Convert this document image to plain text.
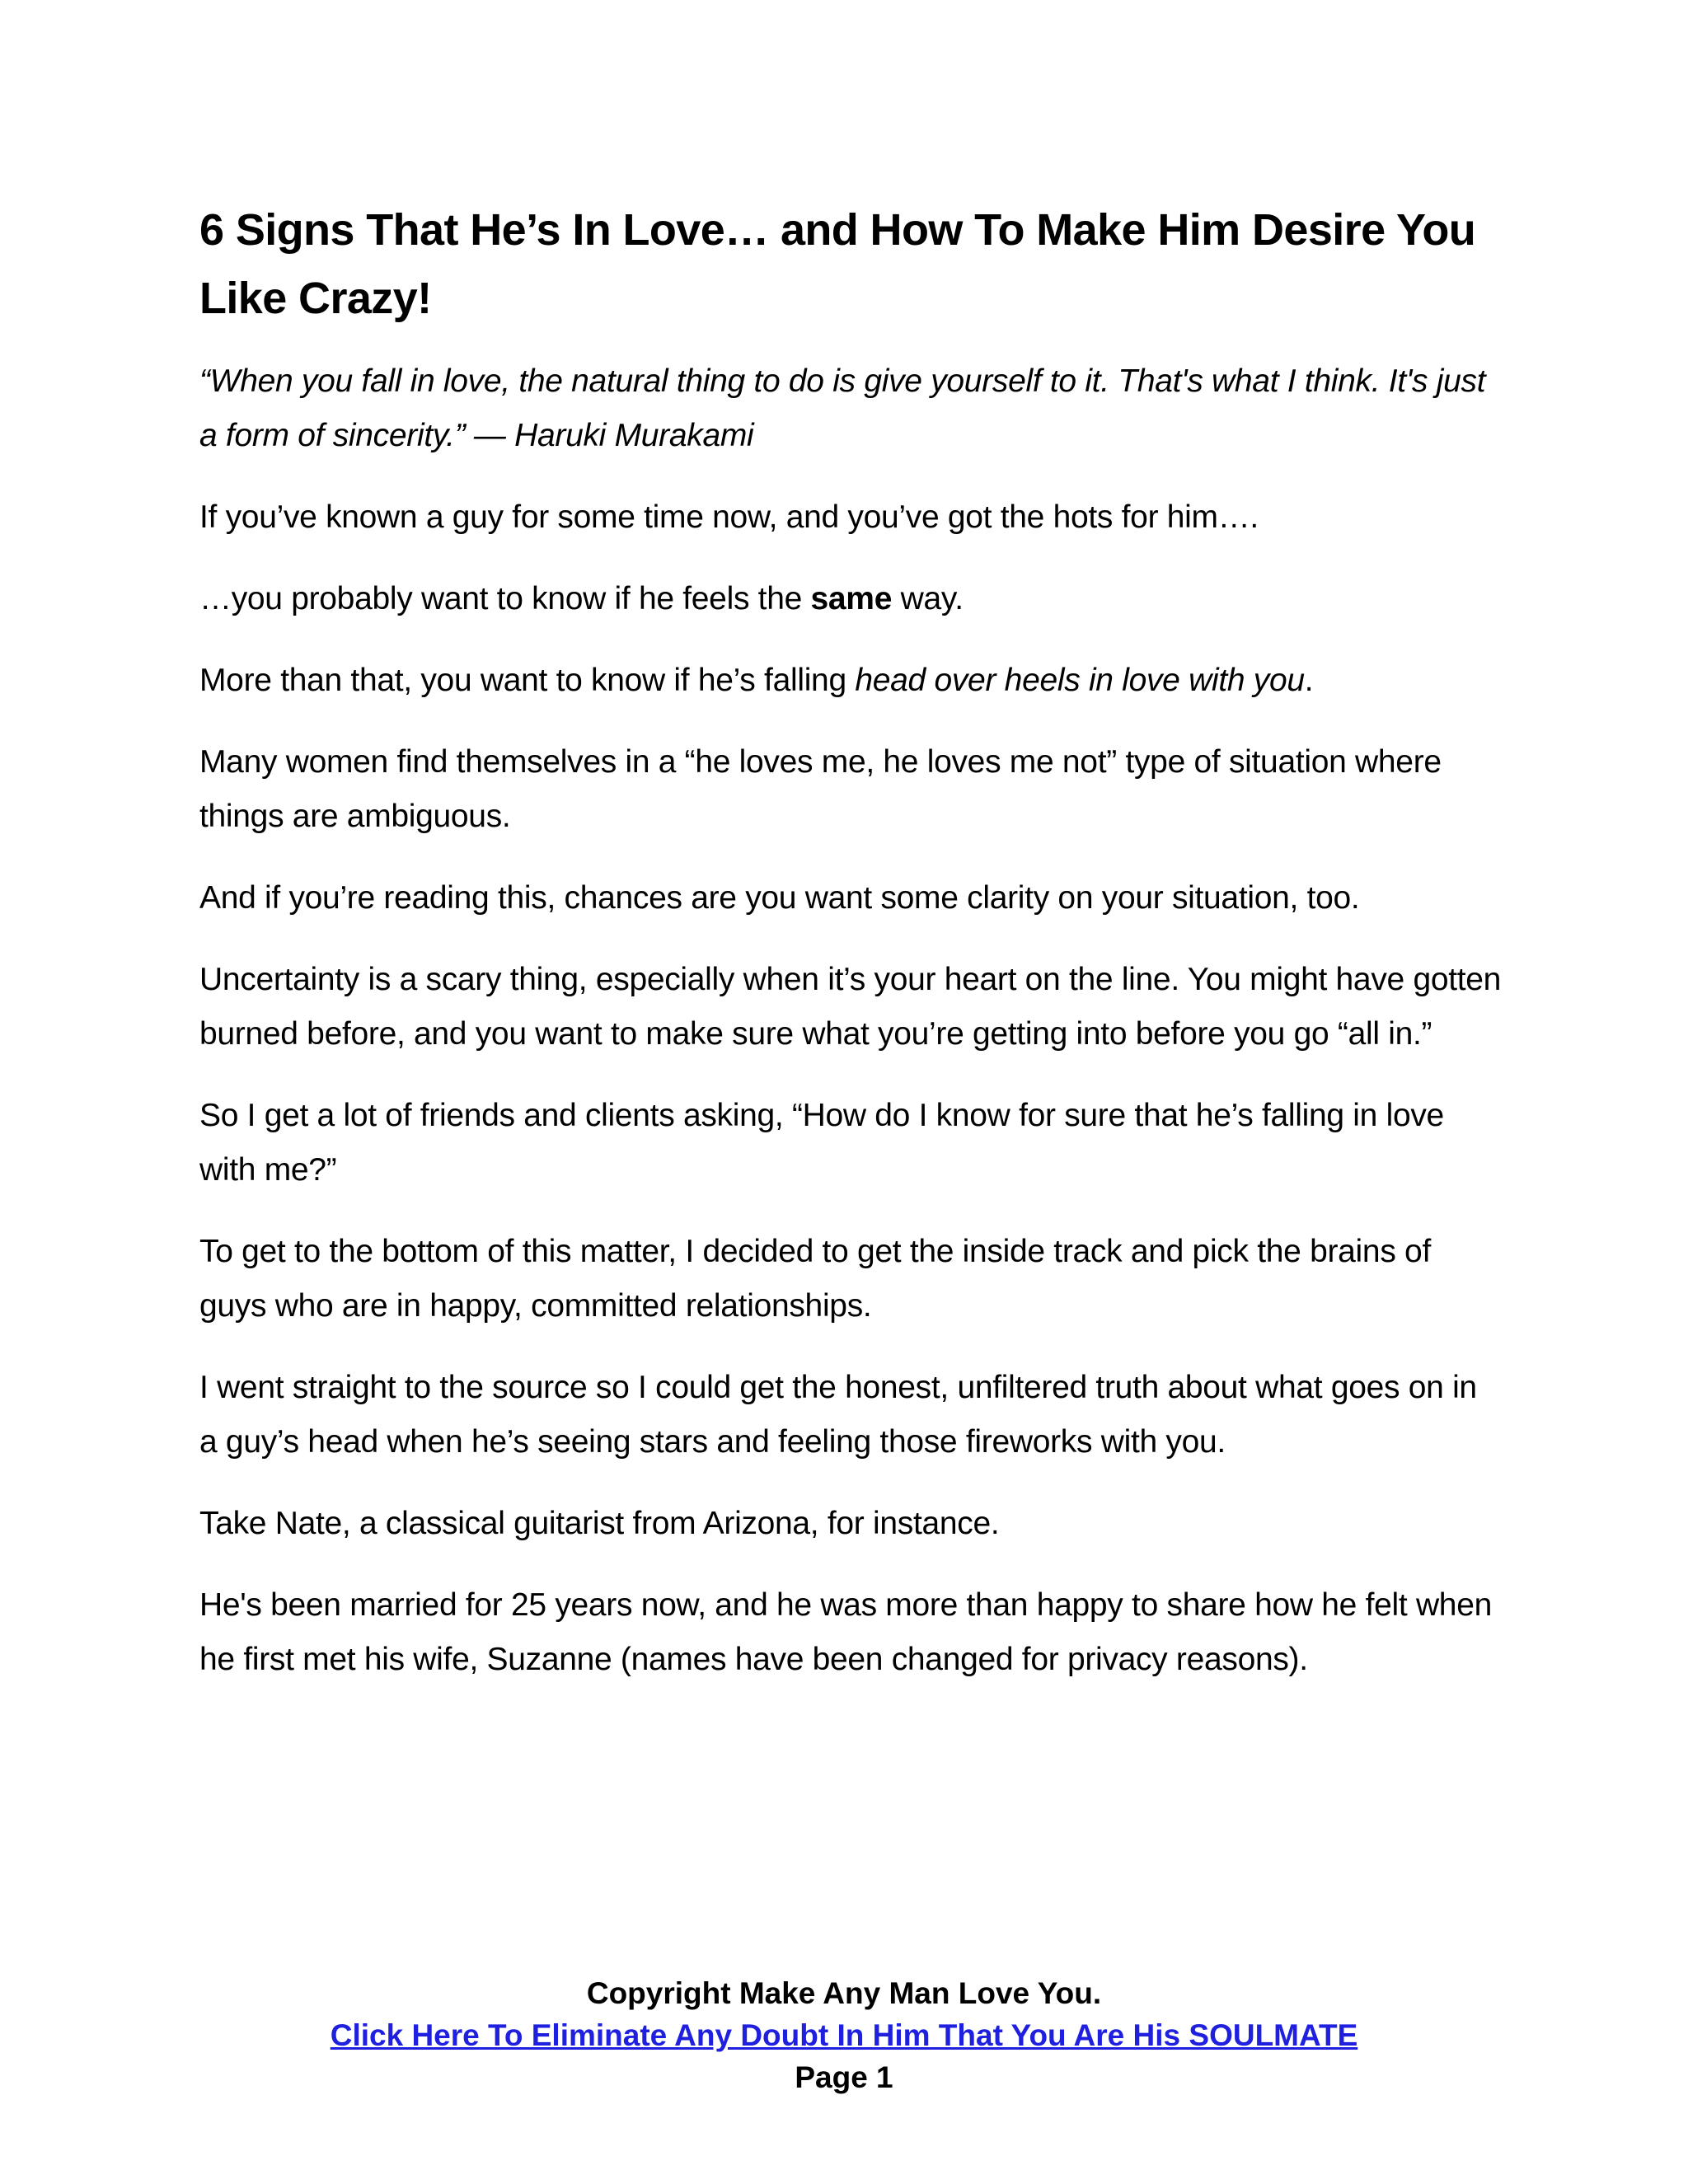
6 Signs That He’s In Love… and How To Make Him Desire You Like Crazy!

“When you fall in love, the natural thing to do is give yourself to it. That's what I think. It's just a form of sincerity.” — Haruki Murakami

If you’ve known a guy for some time now, and you’ve got the hots for him….

…you probably want to know if he feels the same way.

More than that, you want to know if he’s falling head over heels in love with you.

Many women find themselves in a “he loves me, he loves me not” type of situation where things are ambiguous.

And if you’re reading this, chances are you want some clarity on your situation, too.

Uncertainty is a scary thing, especially when it’s your heart on the line. You might have gotten burned before, and you want to make sure what you’re getting into before you go “all in.”

So I get a lot of friends and clients asking, “How do I know for sure that he’s falling in love with me?”

To get to the bottom of this matter, I decided to get the inside track and pick the brains of guys who are in happy, committed relationships.

I went straight to the source so I could get the honest, unfiltered truth about what goes on in a guy’s head when he’s seeing stars and feeling those fireworks with you.

Take Nate, a classical guitarist from Arizona, for instance.

He's been married for 25 years now, and he was more than happy to share how he felt when he first met his wife, Suzanne (names have been changed for privacy reasons).

Copyright Make Any Man Love You.
Click Here To Eliminate Any Doubt In Him That You Are His SOULMATE
Page 1
